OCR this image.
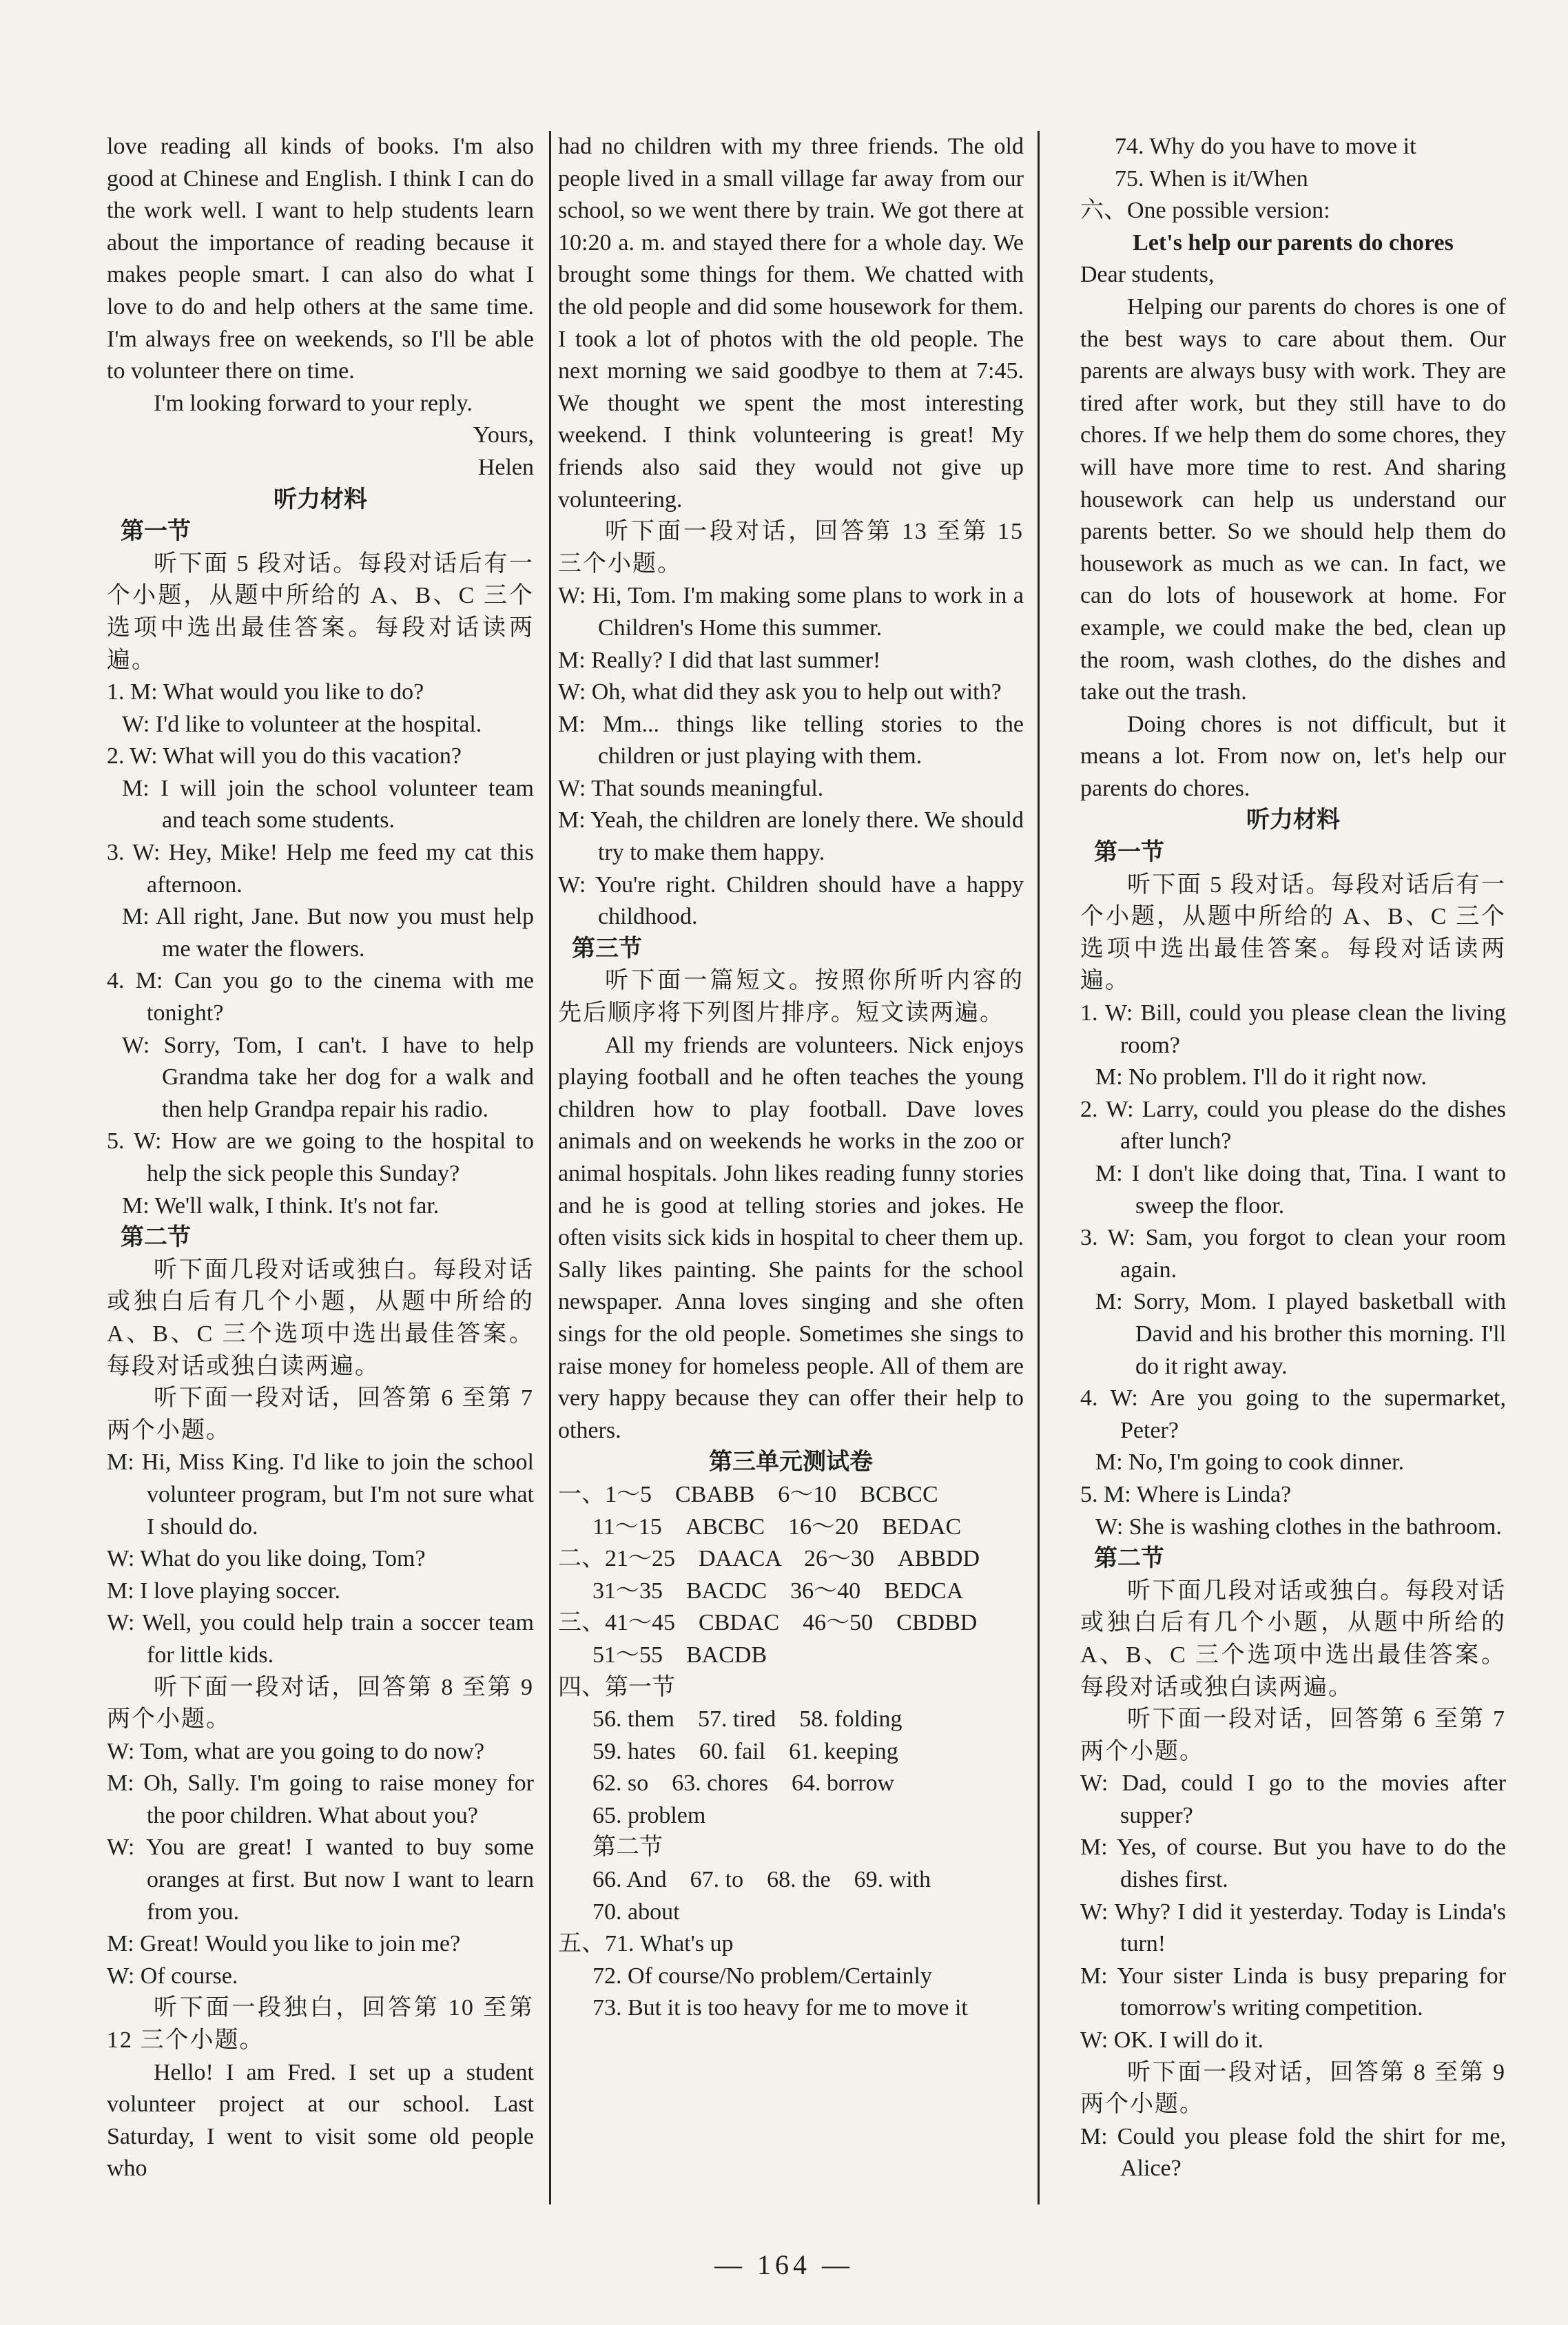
love reading all kinds of books. I'm also good at Chinese and English. I think I can do the work well. I want to help students learn about the importance of reading because it makes people smart. I can also do what I love to do and help others at the same time. I'm always free on weekends, so I'll be able to volunteer there on time.

I'm looking forward to your reply.

Yours,

Helen

听力材料

第一节

听下面 5 段对话。每段对话后有一个小题，从题中所给的 A、B、C 三个选项中选出最佳答案。每段对话读两遍。

1. M: What would you like to do?

W: I'd like to volunteer at the hospital.

2. W: What will you do this vacation?

M: I will join the school volunteer team and teach some students.

3. W: Hey, Mike! Help me feed my cat this afternoon.

M: All right, Jane. But now you must help me water the flowers.

4. M: Can you go to the cinema with me tonight?

W: Sorry, Tom, I can't. I have to help Grandma take her dog for a walk and then help Grandpa repair his radio.

5. W: How are we going to the hospital to help the sick people this Sunday?

M: We'll walk, I think. It's not far.

第二节

听下面几段对话或独白。每段对话或独白后有几个小题，从题中所给的 A、B、C 三个选项中选出最佳答案。每段对话或独白读两遍。

听下面一段对话，回答第 6 至第 7 两个小题。

M: Hi, Miss King. I'd like to join the school volunteer program, but I'm not sure what I should do.

W: What do you like doing, Tom?

M: I love playing soccer.

W: Well, you could help train a soccer team for little kids.

听下面一段对话，回答第 8 至第 9 两个小题。

W: Tom, what are you going to do now?

M: Oh, Sally. I'm going to raise money for the poor children. What about you?

W: You are great! I wanted to buy some oranges at first. But now I want to learn from you.

M: Great! Would you like to join me?

W: Of course.

听下面一段独白，回答第 10 至第 12 三个小题。

Hello! I am Fred. I set up a student volunteer project at our school. Last Saturday, I went to visit some old people who

had no children with my three friends. The old people lived in a small village far away from our school, so we went there by train. We got there at 10:20 a. m. and stayed there for a whole day. We brought some things for them. We chatted with the old people and did some housework for them. I took a lot of photos with the old people. The next morning we said goodbye to them at 7:45. We thought we spent the most interesting weekend. I think volunteering is great! My friends also said they would not give up volunteering.

听下面一段对话，回答第 13 至第 15 三个小题。

W: Hi, Tom. I'm making some plans to work in a Children's Home this summer.

M: Really? I did that last summer!

W: Oh, what did they ask you to help out with?

M: Mm... things like telling stories to the children or just playing with them.

W: That sounds meaningful.

M: Yeah, the children are lonely there. We should try to make them happy.

W: You're right. Children should have a happy childhood.

第三节

听下面一篇短文。按照你所听内容的先后顺序将下列图片排序。短文读两遍。

All my friends are volunteers. Nick enjoys playing football and he often teaches the young children how to play football. Dave loves animals and on weekends he works in the zoo or animal hospitals. John likes reading funny stories and he is good at telling stories and jokes. He often visits sick kids in hospital to cheer them up. Sally likes painting. She paints for the school newspaper. Anna loves singing and she often sings for the old people. Sometimes she sings to raise money for homeless people. All of them are very happy because they can offer their help to others.

第三单元测试卷

一、1～5　CBABB　6～10　BCBCC

11～15　ABCBC　16～20　BEDAC

二、21～25　DAACA　26～30　ABBDD

31～35　BACDC　36～40　BEDCA

三、41～45　CBDAC　46～50　CBDBD

51～55　BACDB

四、第一节

56. them　57. tired　58. folding

59. hates　60. fail　61. keeping

62. so　63. chores　64. borrow

65. problem

第二节

66. And　67. to　68. the　69. with

70. about

五、71. What's up

72. Of course/No problem/Certainly

73. But it is too heavy for me to move it

74. Why do you have to move it

75. When is it/When

六、One possible version:

Let's help our parents do chores

Dear students,

Helping our parents do chores is one of the best ways to care about them. Our parents are always busy with work. They are tired after work, but they still have to do chores. If we help them do some chores, they will have more time to rest. And sharing housework can help us understand our parents better. So we should help them do housework as much as we can. In fact, we can do lots of housework at home. For example, we could make the bed, clean up the room, wash clothes, do the dishes and take out the trash.

Doing chores is not difficult, but it means a lot. From now on, let's help our parents do chores.

听力材料

第一节

听下面 5 段对话。每段对话后有一个小题，从题中所给的 A、B、C 三个选项中选出最佳答案。每段对话读两遍。

1. W: Bill, could you please clean the living room?

M: No problem. I'll do it right now.

2. W: Larry, could you please do the dishes after lunch?

M: I don't like doing that, Tina. I want to sweep the floor.

3. W: Sam, you forgot to clean your room again.

M: Sorry, Mom. I played basketball with David and his brother this morning. I'll do it right away.

4. W: Are you going to the supermarket, Peter?

M: No, I'm going to cook dinner.

5. M: Where is Linda?

W: She is washing clothes in the bathroom.

第二节

听下面几段对话或独白。每段对话或独白后有几个小题，从题中所给的 A、B、C 三个选项中选出最佳答案。每段对话或独白读两遍。

听下面一段对话，回答第 6 至第 7 两个小题。

W: Dad, could I go to the movies after supper?

M: Yes, of course. But you have to do the dishes first.

W: Why? I did it yesterday. Today is Linda's turn!

M: Your sister Linda is busy preparing for tomorrow's writing competition.

W: OK. I will do it.

听下面一段对话，回答第 8 至第 9 两个小题。

M: Could you please fold the shirt for me, Alice?

— 164 —
